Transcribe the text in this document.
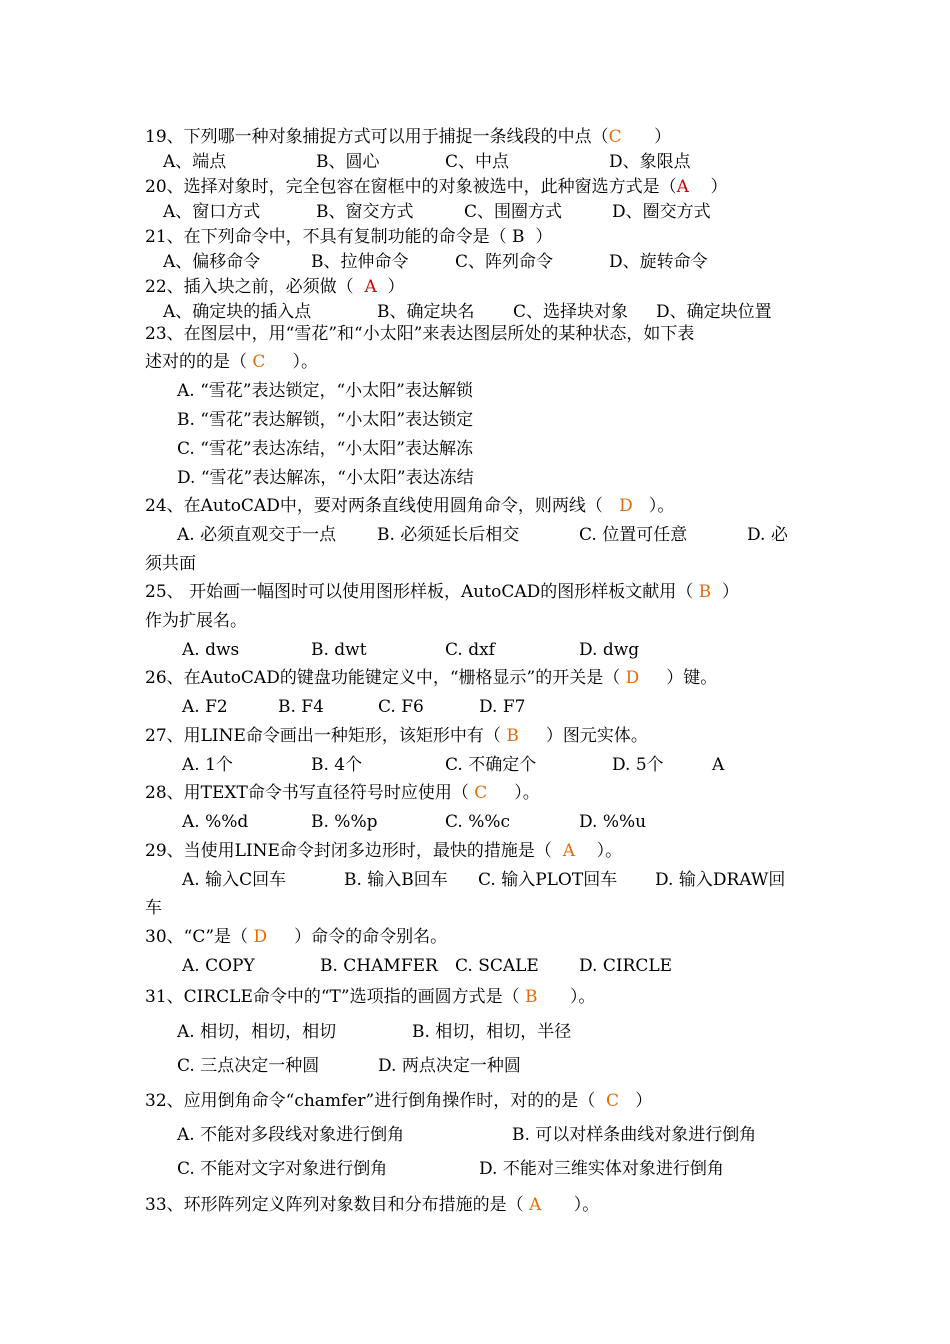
19、下列哪一种对象捕捉方式可以用于捕捉一条线段的中点（C ）
A、端点	B、圆心	C、中点	D、象限点
20、选择对象时，完全包容在窗框中的对象被选中，此种窗选方式是（A ）
A、窗口方式	B、窗交方式	C、围圈方式	D、圈交方式
21、在下列命令中，不具有复制功能的命令是（ B ）
A、偏移命令	B、拉伸命令	C、阵列命令	D、旋转命令
22、插入块之前，必须做（ A ）
A、确定块的插入点	B、确定块名 C、选择块对象 D、确定块位置
23、在图层中，用“雪花”和“小太阳”来表达图层所处的某种状态，如下表
述对的的是（ C ）。
A. “雪花”表达锁定，“小太阳”表达解锁
B. “雪花”表达解锁，“小太阳”表达锁定
C. “雪花”表达冻结，“小太阳”表达解冻
D. “雪花”表达解冻，“小太阳”表达冻结
24、在AutoCAD中，要对两条直线使用圆角命令，则两线（ D ）。
A. 必须直观交于一点 B. 必须延长后相交	C. 位置可任意	D. 必
须共面
25、 开始画一幅图时可以使用图形样板，AutoCAD的图形样板文献用（ B ）
作为扩展名。
A. dws	B. dwt	C. dxf	D. dwg
26、在AutoCAD的键盘功能键定义中，“栅格显示”的开关是（ D ）键。
A. F2	B. F4	C. F6	D. F7
27、用LINE命令画出一种矩形，该矩形中有（ B ）图元实体。
A. 1个	B. 4个	C. 不确定个	D. 5个	A
28、用TEXT命令书写直径符号时应使用（ C ）。
A. %%d	B. %%p	C. %%c	D. %%u
29、当使用LINE命令封闭多边形时，最快的措施是（ A ）。
A. 输入C回车	B. 输入B回车 C. 输入PLOT回车 D. 输入DRAW回
车
30、“C”是（ D ）命令的命令别名。
A. COPY	B. CHAMFER C. SCALE D. CIRCLE
31、CIRCLE命令中的“T”选项指的画圆方式是（ B ）。
A. 相切，相切，相切	B. 相切，相切，半径
C. 三点决定一种圆	D. 两点决定一种圆
32、应用倒角命令“chamfer”进行倒角操作时，对的的是（ C ）
A. 不能对多段线对象进行倒角	B. 可以对样条曲线对象进行倒角
C. 不能对文字对象进行倒角	D. 不能对三维实体对象进行倒角
33、环形阵列定义阵列对象数目和分布措施的是（ A ）。
